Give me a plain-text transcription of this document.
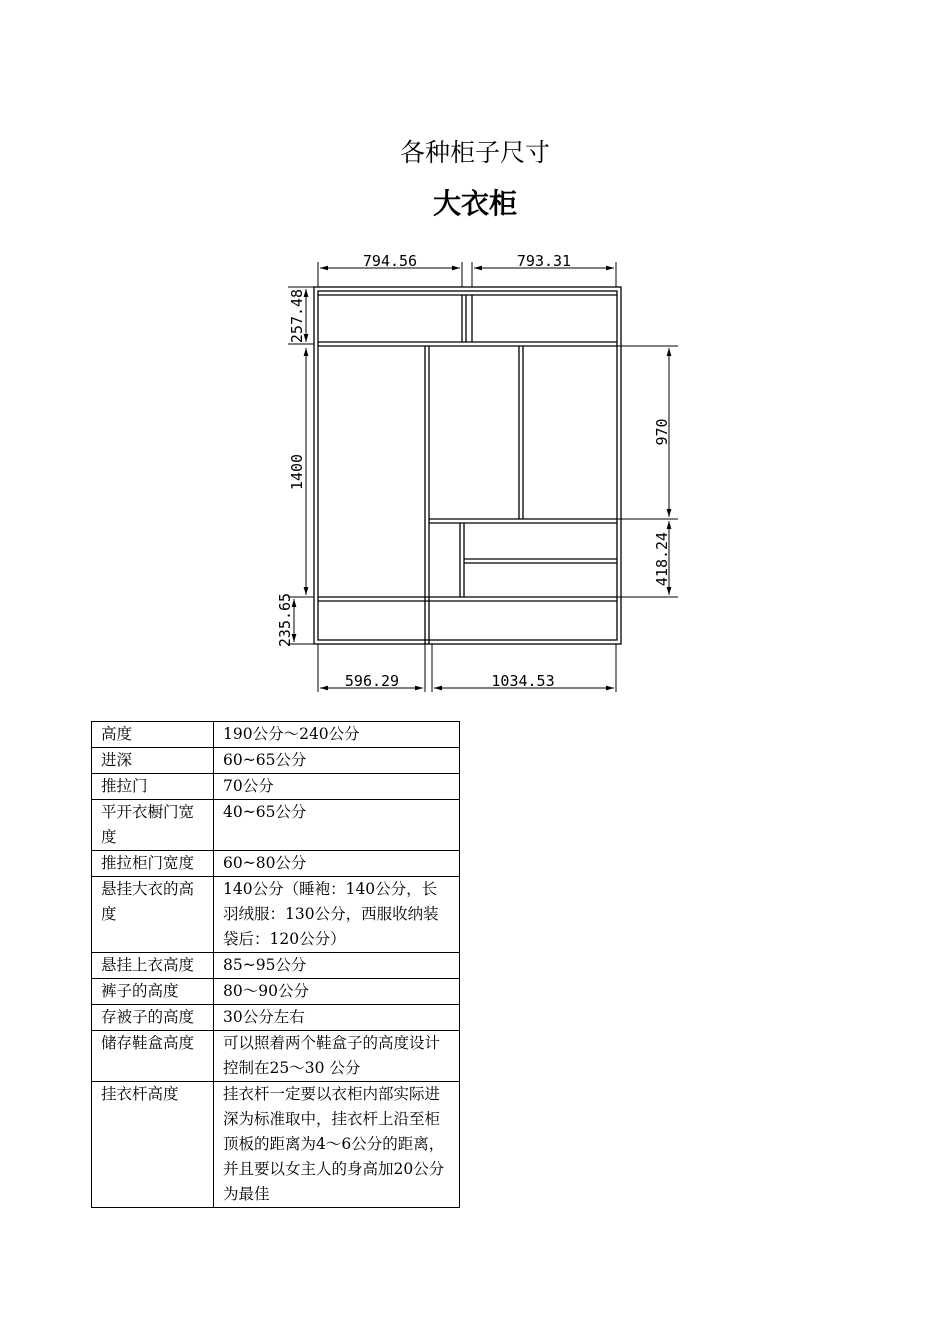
各种柜子尺寸
大衣柜
794.56	793.31
596.29	1034.53
257.48
1400
235.65
970
418.24
高度	190公分～240公分
进深	60~65公分
推拉门	70公分
平开衣橱门宽度	40~65公分
推拉柜门宽度	60~80公分
悬挂大衣的高度	140公分（睡袍：140公分，长羽绒服：130公分，西服收纳装袋后：120公分）
悬挂上衣高度	85~95公分
裤子的高度	80～90公分
存被子的高度	30公分左右
储存鞋盒高度	可以照着两个鞋盒子的高度设计控制在25～30 公分
挂衣杆高度	挂衣杆一定要以衣柜内部实际进深为标准取中，挂衣杆上沿至柜顶板的距离为4～6公分的距离，并且要以女主人的身高加20公分为最佳
